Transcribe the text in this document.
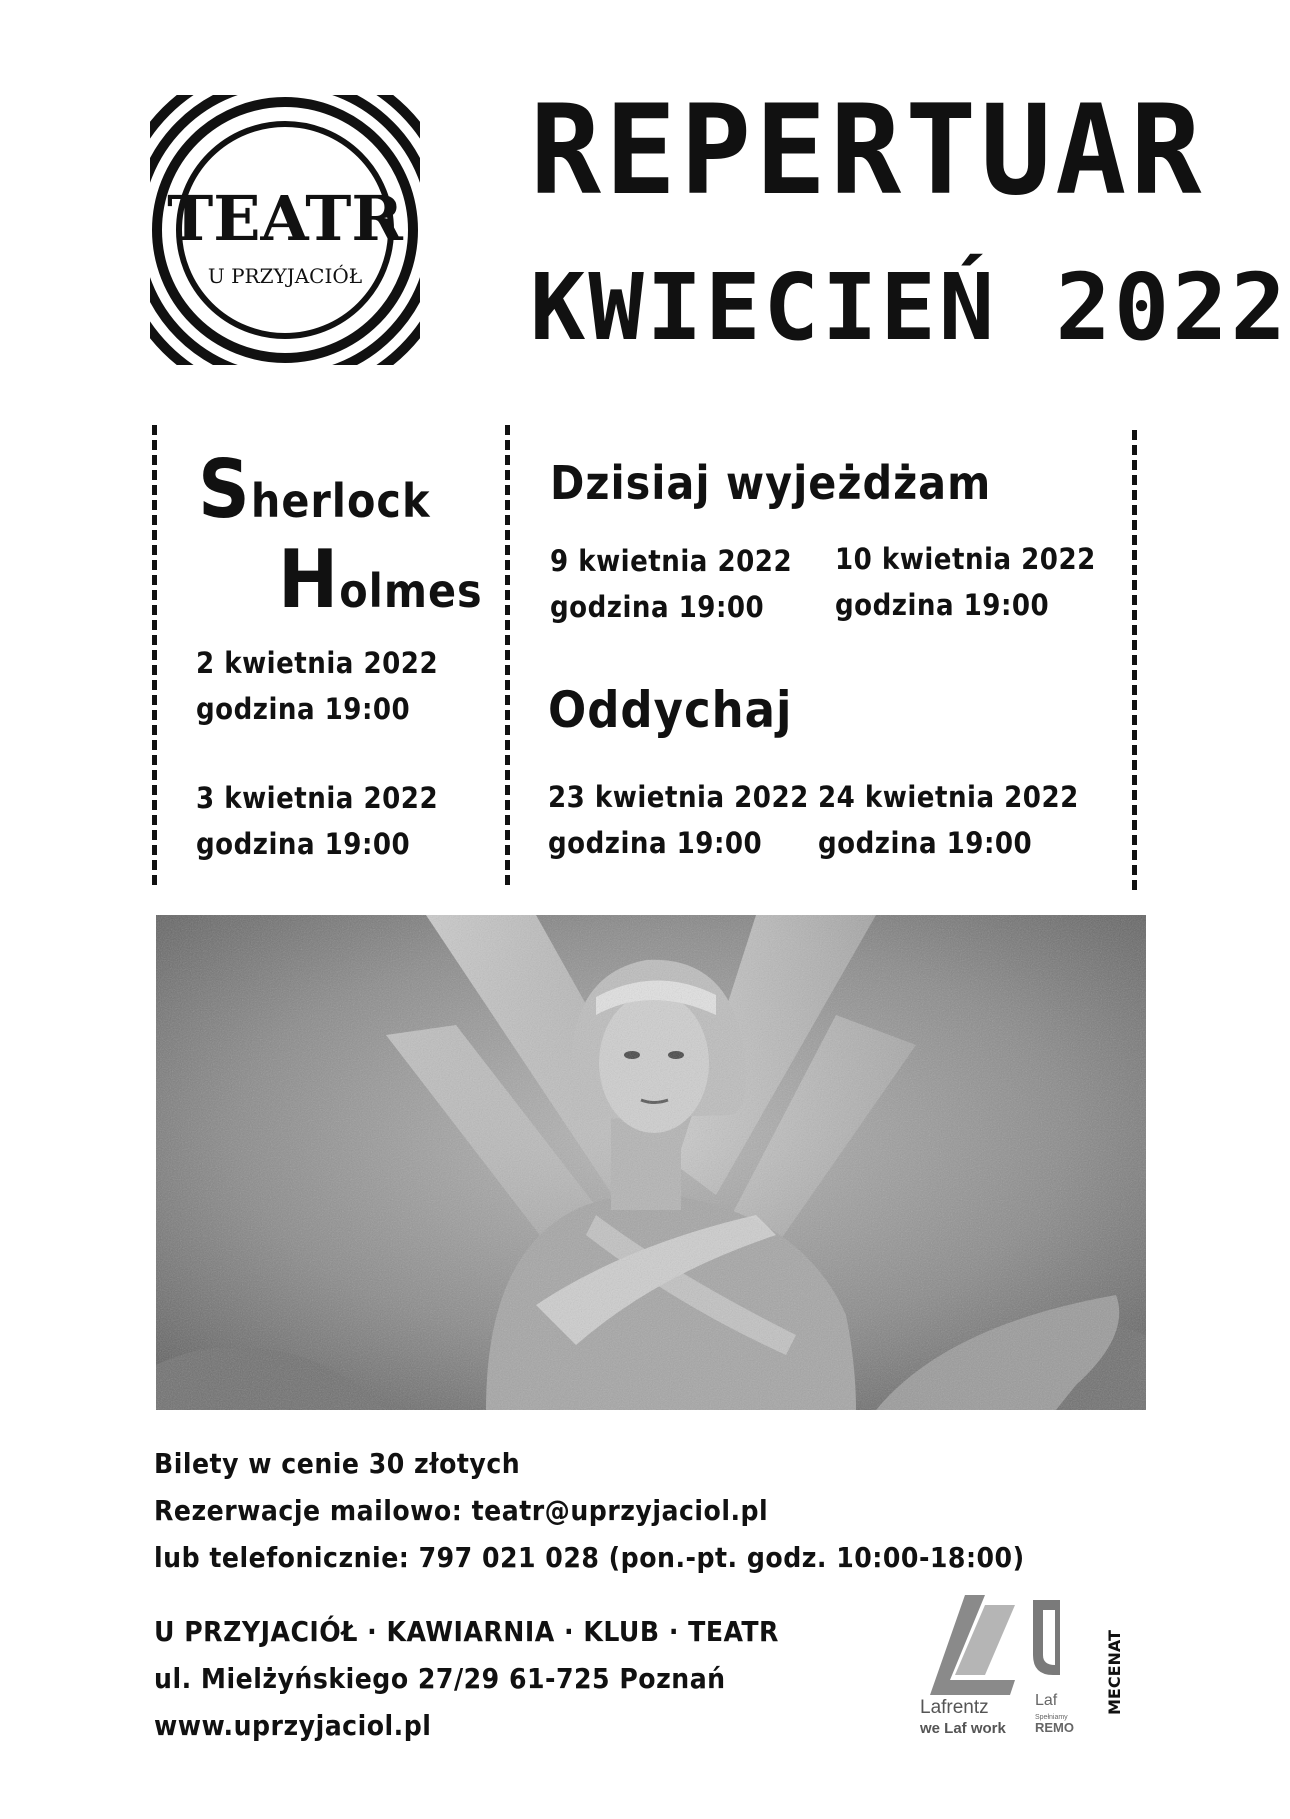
TEATR
U PRZYJACIÓŁ
REPERTUAR
KWIECIEŃ 2022
Sherlock
Holmes
2 kwietnia 2022
godzina 19:00
3 kwietnia 2022
godzina 19:00
Dzisiaj wyjeżdżam
9 kwietnia 2022
godzina 19:00
10 kwietnia 2022
godzina 19:00
Oddychaj
23 kwietnia 2022
godzina 19:00
24 kwietnia 2022
godzina 19:00
Bilety w cenie 30 złotych
Rezerwacje mailowo: teatr@uprzyjaciol.pl
lub telefonicznie: 797 021 028 (pon.-pt. godz. 10:00-18:00)
U PRZYJACIÓŁ · KAWIARNIA · KLUB · TEATR
ul. Mielżyńskiego 27/29 61-725 Poznań
www.uprzyjaciol.pl
Lafrentz
we Laf work
Laf
Spełniamy
REMO
MECENAT
